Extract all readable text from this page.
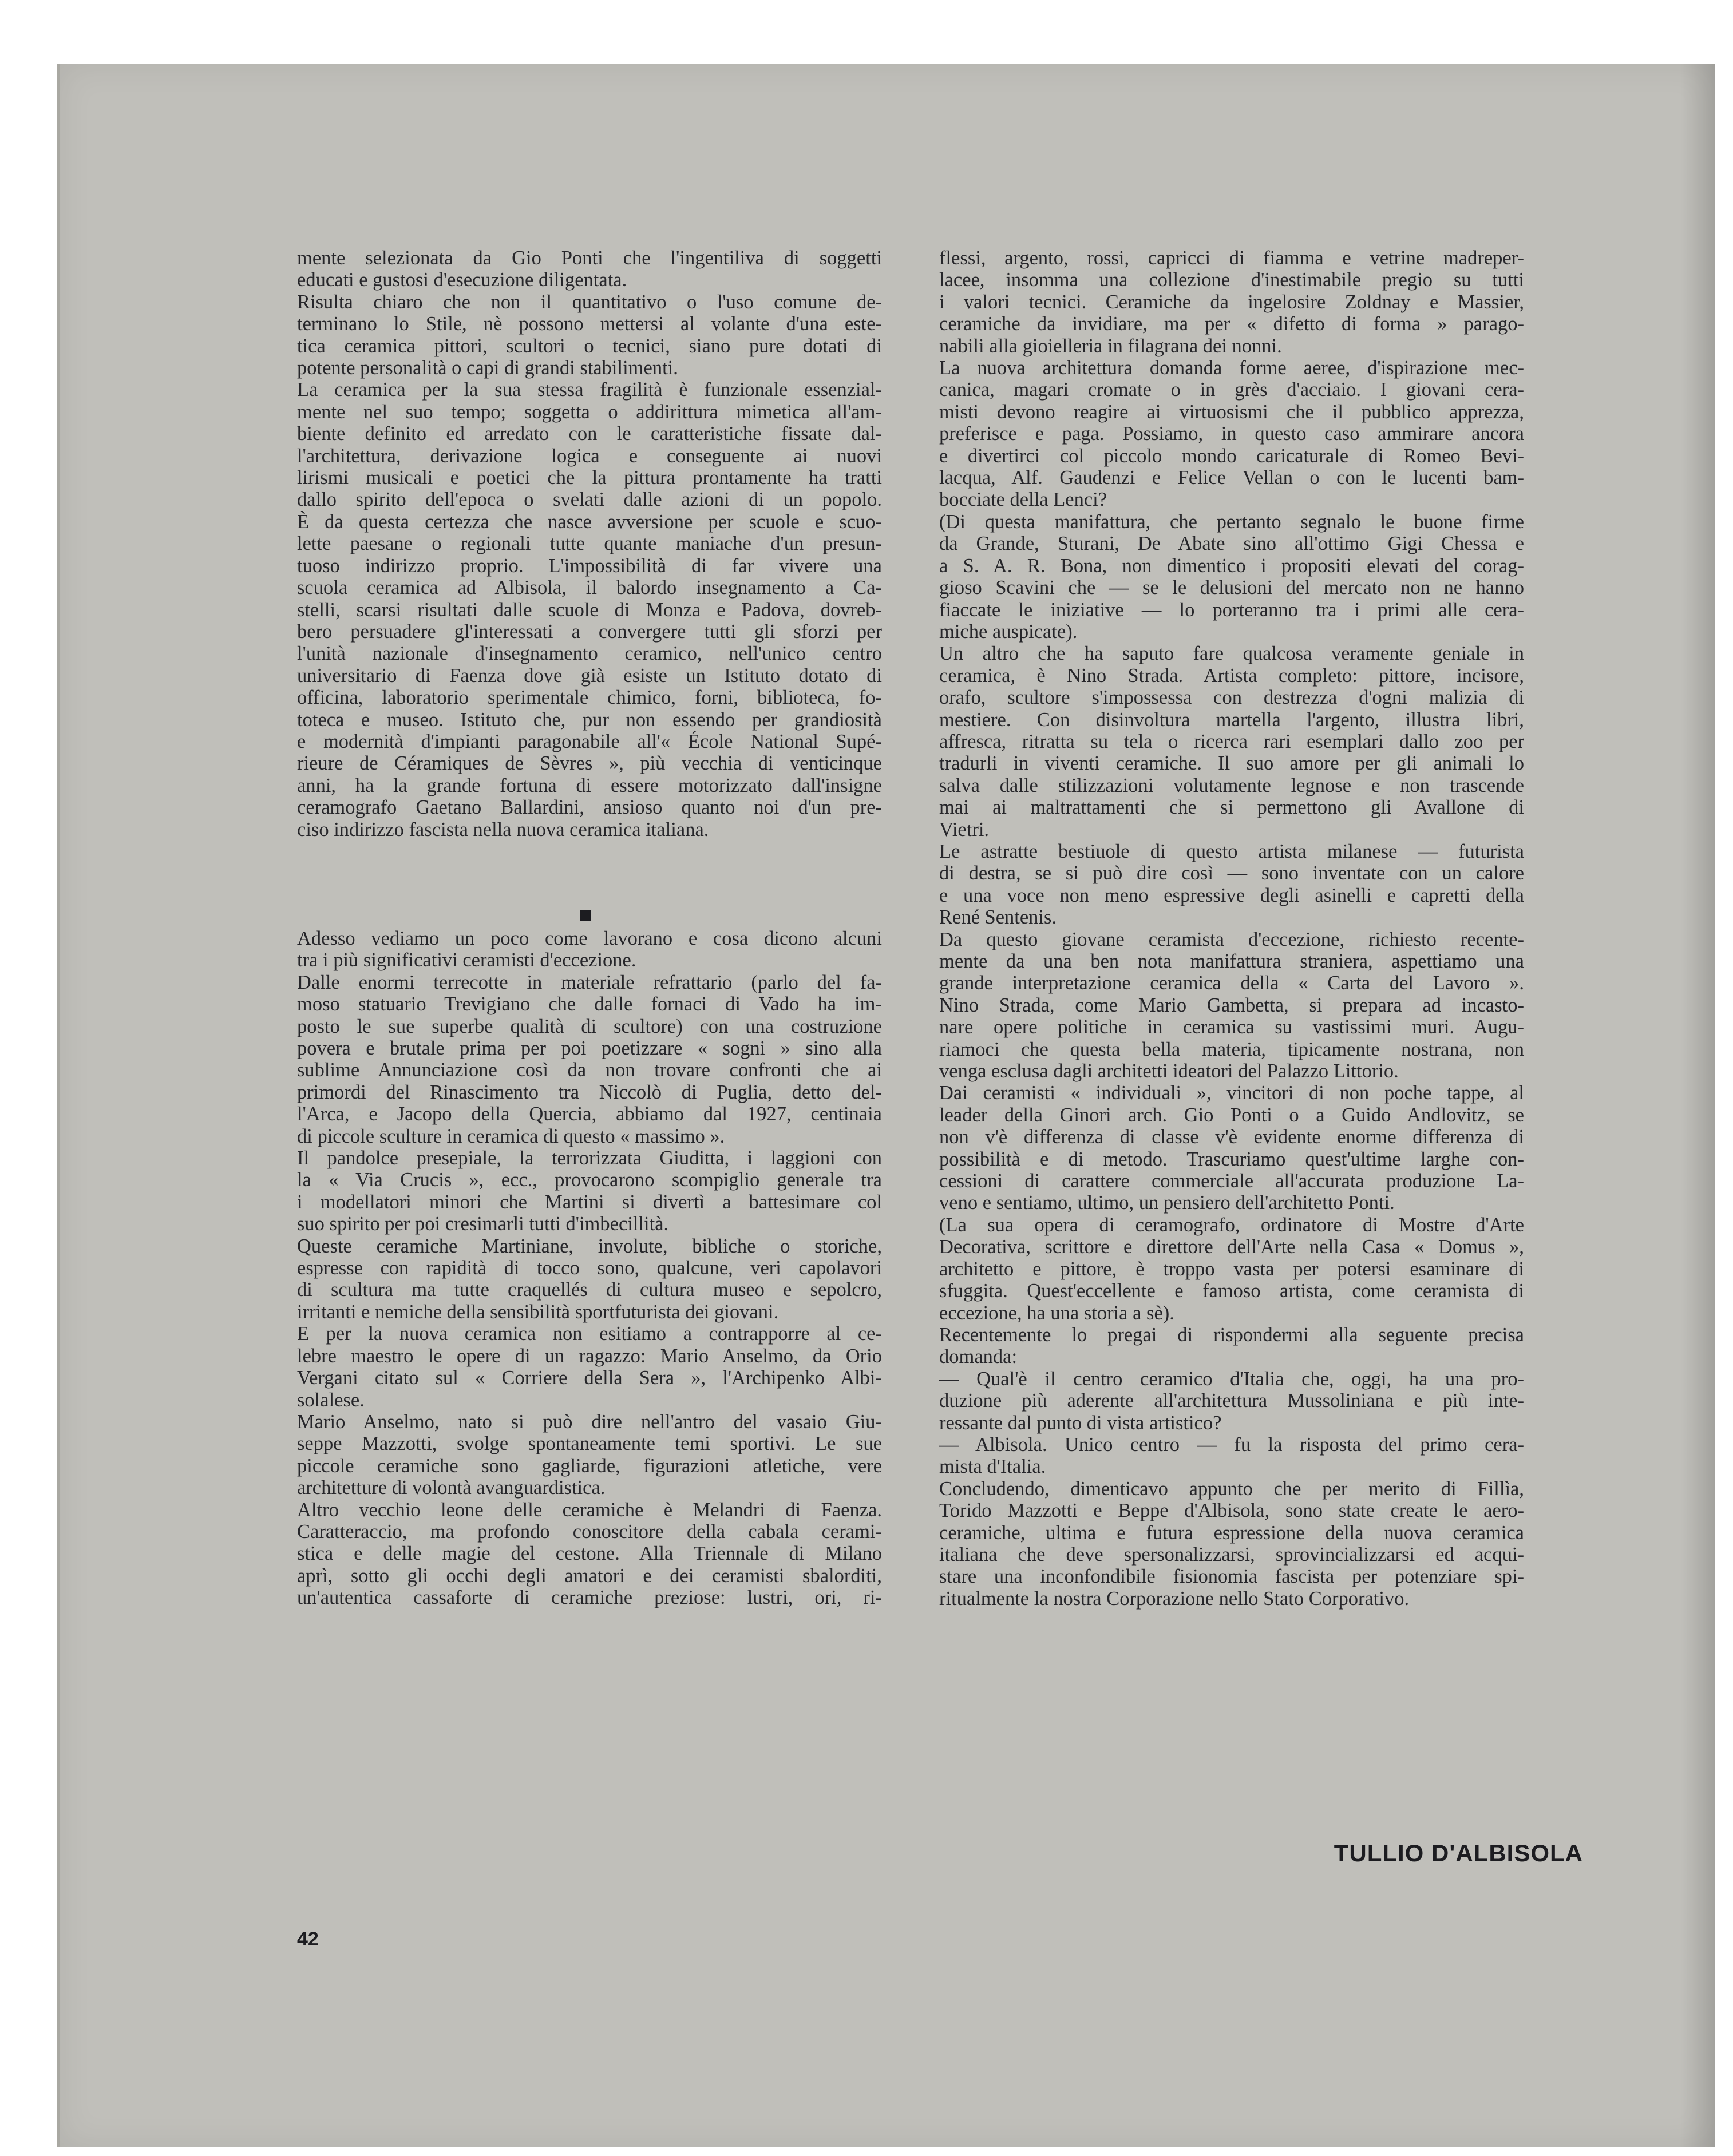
mente selezionata da Gio Ponti che l'ingentiliva di soggetti
educati e gustosi d'esecuzione diligentata.

Risulta chiaro che non il quantitativo o l'uso comune de-
terminano lo Stile, nè possono mettersi al volante d'una este-
tica ceramica pittori, scultori o tecnici, siano pure dotati di
potente personalità o capi di grandi stabilimenti.

La ceramica per la sua stessa fragilità è funzionale essenzial-
mente nel suo tempo; soggetta o addirittura mimetica all'am-
biente definito ed arredato con le caratteristiche fissate dal-
l'architettura, derivazione logica e conseguente ai nuovi
lirismi musicali e poetici che la pittura prontamente ha tratti
dallo spirito dell'epoca o svelati dalle azioni di un popolo.
È da questa certezza che nasce avversione per scuole e scuo-
lette paesane o regionali tutte quante maniache d'un presun-
tuoso indirizzo proprio. L'impossibilità di far vivere una
scuola ceramica ad Albisola, il balordo insegnamento a Ca-
stelli, scarsi risultati dalle scuole di Monza e Padova, dovreb-
bero persuadere gl'interessati a convergere tutti gli sforzi per
l'unità nazionale d'insegnamento ceramico, nell'unico centro
universitario di Faenza dove già esiste un Istituto dotato di
officina, laboratorio sperimentale chimico, forni, biblioteca, fo-
toteca e museo. Istituto che, pur non essendo per grandiosità
e modernità d'impianti paragonabile all'« École National Supé-
rieure de Céramiques de Sèvres », più vecchia di venticinque
anni, ha la grande fortuna di essere motorizzato dall'insigne
ceramografo Gaetano Ballardini, ansioso quanto noi d'un pre-
ciso indirizzo fascista nella nuova ceramica italiana.

Adesso vediamo un poco come lavorano e cosa dicono alcuni
tra i più significativi ceramisti d'eccezione.

Dalle enormi terrecotte in materiale refrattario (parlo del fa-
moso statuario Trevigiano che dalle fornaci di Vado ha im-
posto le sue superbe qualità di scultore) con una costruzione
povera e brutale prima per poi poetizzare « sogni » sino alla
sublime Annunciazione così da non trovare confronti che ai
primordi del Rinascimento tra Niccolò di Puglia, detto del-
l'Arca, e Jacopo della Quercia, abbiamo dal 1927, centinaia
di piccole sculture in ceramica di questo « massimo ».

Il pandolce presepiale, la terrorizzata Giuditta, i laggioni con
la « Via Crucis », ecc., provocarono scompiglio generale tra
i modellatori minori che Martini si divertì a battesimare col
suo spirito per poi cresimarli tutti d'imbecillità.

Queste ceramiche Martiniane, involute, bibliche o storiche,
espresse con rapidità di tocco sono, qualcune, veri capolavori
di scultura ma tutte craquellés di cultura museo e sepolcro,
irritanti e nemiche della sensibilità sportfuturista dei giovani.

E per la nuova ceramica non esitiamo a contrapporre al ce-
lebre maestro le opere di un ragazzo: Mario Anselmo, da Orio
Vergani citato sul « Corriere della Sera », l'Archipenko Albi-
solalese.

Mario Anselmo, nato si può dire nell'antro del vasaio Giu-
seppe Mazzotti, svolge spontaneamente temi sportivi. Le sue
piccole ceramiche sono gagliarde, figurazioni atletiche, vere
architetture di volontà avanguardistica.

Altro vecchio leone delle ceramiche è Melandri di Faenza.
Caratteraccio, ma profondo conoscitore della cabala cerami-
stica e delle magie del cestone. Alla Triennale di Milano
aprì, sotto gli occhi degli amatori e dei ceramisti sbalorditi,
un'autentica cassaforte di ceramiche preziose: lustri, ori, ri-

flessi, argento, rossi, capricci di fiamma e vetrine madreper-
lacee, insomma una collezione d'inestimabile pregio su tutti
i valori tecnici. Ceramiche da ingelosire Zoldnay e Massier,
ceramiche da invidiare, ma per « difetto di forma » parago-
nabili alla gioielleria in filagrana dei nonni.

La nuova architettura domanda forme aeree, d'ispirazione mec-
canica, magari cromate o in grès d'acciaio. I giovani cera-
misti devono reagire ai virtuosismi che il pubblico apprezza,
preferisce e paga. Possiamo, in questo caso ammirare ancora
e divertirci col piccolo mondo caricaturale di Romeo Bevi-
lacqua, Alf. Gaudenzi e Felice Vellan o con le lucenti bam-
bocciate della Lenci?

(Di questa manifattura, che pertanto segnalo le buone firme
da Grande, Sturani, De Abate sino all'ottimo Gigi Chessa e
a S. A. R. Bona, non dimentico i propositi elevati del corag-
gioso Scavini che — se le delusioni del mercato non ne hanno
fiaccate le iniziative — lo porteranno tra i primi alle cera-
miche auspicate).

Un altro che ha saputo fare qualcosa veramente geniale in
ceramica, è Nino Strada. Artista completo: pittore, incisore,
orafo, scultore s'impossessa con destrezza d'ogni malizia di
mestiere. Con disinvoltura martella l'argento, illustra libri,
affresca, ritratta su tela o ricerca rari esemplari dallo zoo per
tradurli in viventi ceramiche. Il suo amore per gli animali lo
salva dalle stilizzazioni volutamente legnose e non trascende
mai ai maltrattamenti che si permettono gli Avallone di
Vietri.

Le astratte bestiuole di questo artista milanese — futurista
di destra, se si può dire così — sono inventate con un calore
e una voce non meno espressive degli asinelli e capretti della
René Sentenis.

Da questo giovane ceramista d'eccezione, richiesto recente-
mente da una ben nota manifattura straniera, aspettiamo una
grande interpretazione ceramica della « Carta del Lavoro ».
Nino Strada, come Mario Gambetta, si prepara ad incasto-
nare opere politiche in ceramica su vastissimi muri. Augu-
riamoci che questa bella materia, tipicamente nostrana, non
venga esclusa dagli architetti ideatori del Palazzo Littorio.

Dai ceramisti « individuali », vincitori di non poche tappe, al
leader della Ginori arch. Gio Ponti o a Guido Andlovitz, se
non v'è differenza di classe v'è evidente enorme differenza di
possibilità e di metodo. Trascuriamo quest'ultime larghe con-
cessioni di carattere commerciale all'accurata produzione La-
veno e sentiamo, ultimo, un pensiero dell'architetto Ponti.

(La sua opera di ceramografo, ordinatore di Mostre d'Arte
Decorativa, scrittore e direttore dell'Arte nella Casa « Domus »,
architetto e pittore, è troppo vasta per potersi esaminare di
sfuggita. Quest'eccellente e famoso artista, come ceramista di
eccezione, ha una storia a sè).

Recentemente lo pregai di rispondermi alla seguente precisa
domanda:

— Qual'è il centro ceramico d'Italia che, oggi, ha una pro-
duzione più aderente all'architettura Mussoliniana e più inte-
ressante dal punto di vista artistico?

— Albisola. Unico centro — fu la risposta del primo cera-
mista d'Italia.

Concludendo, dimenticavo appunto che per merito di Fillìa,
Torido Mazzotti e Beppe d'Albisola, sono state create le aero-
ceramiche, ultima e futura espressione della nuova ceramica
italiana che deve spersonalizzarsi, sprovincializzarsi ed acqui-
stare una inconfondibile fisionomia fascista per potenziare spi-
ritualmente la nostra Corporazione nello Stato Corporativo.

TULLIO D'ALBISOLA
42
